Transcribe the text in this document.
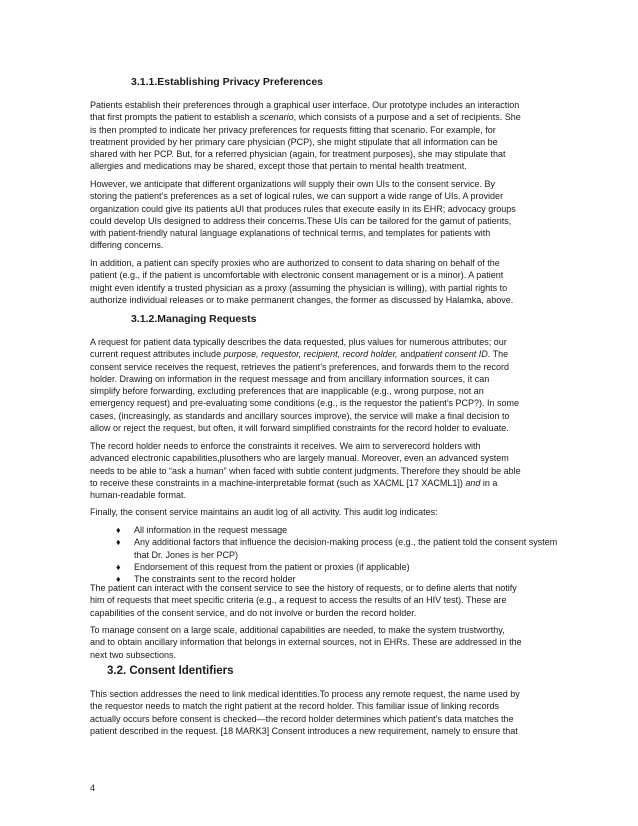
3.1.1.Establishing Privacy Preferences
Patients establish their preferences through a graphical user interface. Our prototype includes an interaction
that first prompts the patient to establish a scenario, which consists of a purpose and a set of recipients. She
is then prompted to indicate her privacy preferences for requests fitting that scenario. For example, for
treatment provided by her primary care physician (PCP), she might stipulate that all information can be
shared with her PCP. But, for a referred physician (again, for treatment purposes), she may stipulate that
allergies and medications may be shared, except those that pertain to mental health treatment.
However, we anticipate that different organizations will supply their own UIs to the consent service. By
storing the patient’s preferences as a set of logical rules, we can support a wide range of UIs. A provider
organization could give its patients aUI that produces rules that execute easily in its EHR; advocacy groups
could develop UIs designed to address their concerns.These UIs can be tailored for the gamut of patients,
with patient-friendly natural language explanations of technical terms, and templates for patients with
differing concerns.
In addition, a patient can specify proxies who are authorized to consent to data sharing on behalf of the
patient (e.g., if the patient is uncomfortable with electronic consent management or is a minor). A patient
might even identify a trusted physician as a proxy (assuming the physician is willing), with partial rights to
authorize individual releases or to make permanent changes, the former as discussed by Halamka, above.
3.1.2.Managing Requests
A request for patient data typically describes the data requested, plus values for numerous attributes; our
current request attributes include purpose, requestor, recipient, record holder, andpatient consent ID. The
consent service receives the request, retrieves the patient’s preferences, and forwards them to the record
holder. Drawing on information in the request message and from ancillary information sources, it can
simplify before forwarding, excluding preferences that are inapplicable (e.g., wrong purpose, not an
emergency request) and pre-evaluating some conditions (e.g., is the requestor the patient’s PCP?). In some
cases, (increasingly, as standards and ancillary sources improve), the service will make a final decision to
allow or reject the request, but often, it will forward simplified constraints for the record holder to evaluate.
The record holder needs to enforce the constraints it receives. We aim to serverecord holders with
advanced electronic capabilities,plusothers who are largely manual. Moreover, even an advanced system
needs to be able to “ask a human” when faced with subtle content judgments. Therefore they should be able
to receive these constraints in a machine-interpretable format (such as XACML [17 XACML1]) and in a
human-readable format.
Finally, the consent service maintains an audit log of all activity. This audit log indicates:
♦ All information in the request message
♦ Any additional factors that influence the decision-making process (e.g., the patient told the consent system that Dr. Jones is her PCP)
♦ Endorsement of this request from the patient or proxies (if applicable)
♦ The constraints sent to the record holder
The patient can interact with the consent service to see the history of requests, or to define alerts that notify
him of requests that meet specific criteria (e.g., a request to access the results of an HIV test). These are
capabilities of the consent service, and do not involve or burden the record holder.
To manage consent on a large scale, additional capabilities are needed, to make the system trustworthy,
and to obtain ancillary information that belongs in external sources, not in EHRs. These are addressed in the
next two subsections.
3.2. Consent Identifiers
This section addresses the need to link medical identities.To process any remote request, the name used by
the requestor needs to match the right patient at the record holder. This familiar issue of linking records
actually occurs before consent is checked—the record holder determines which patient’s data matches the
patient described in the request. [18 MARK3] Consent introduces a new requirement, namely to ensure that

4
